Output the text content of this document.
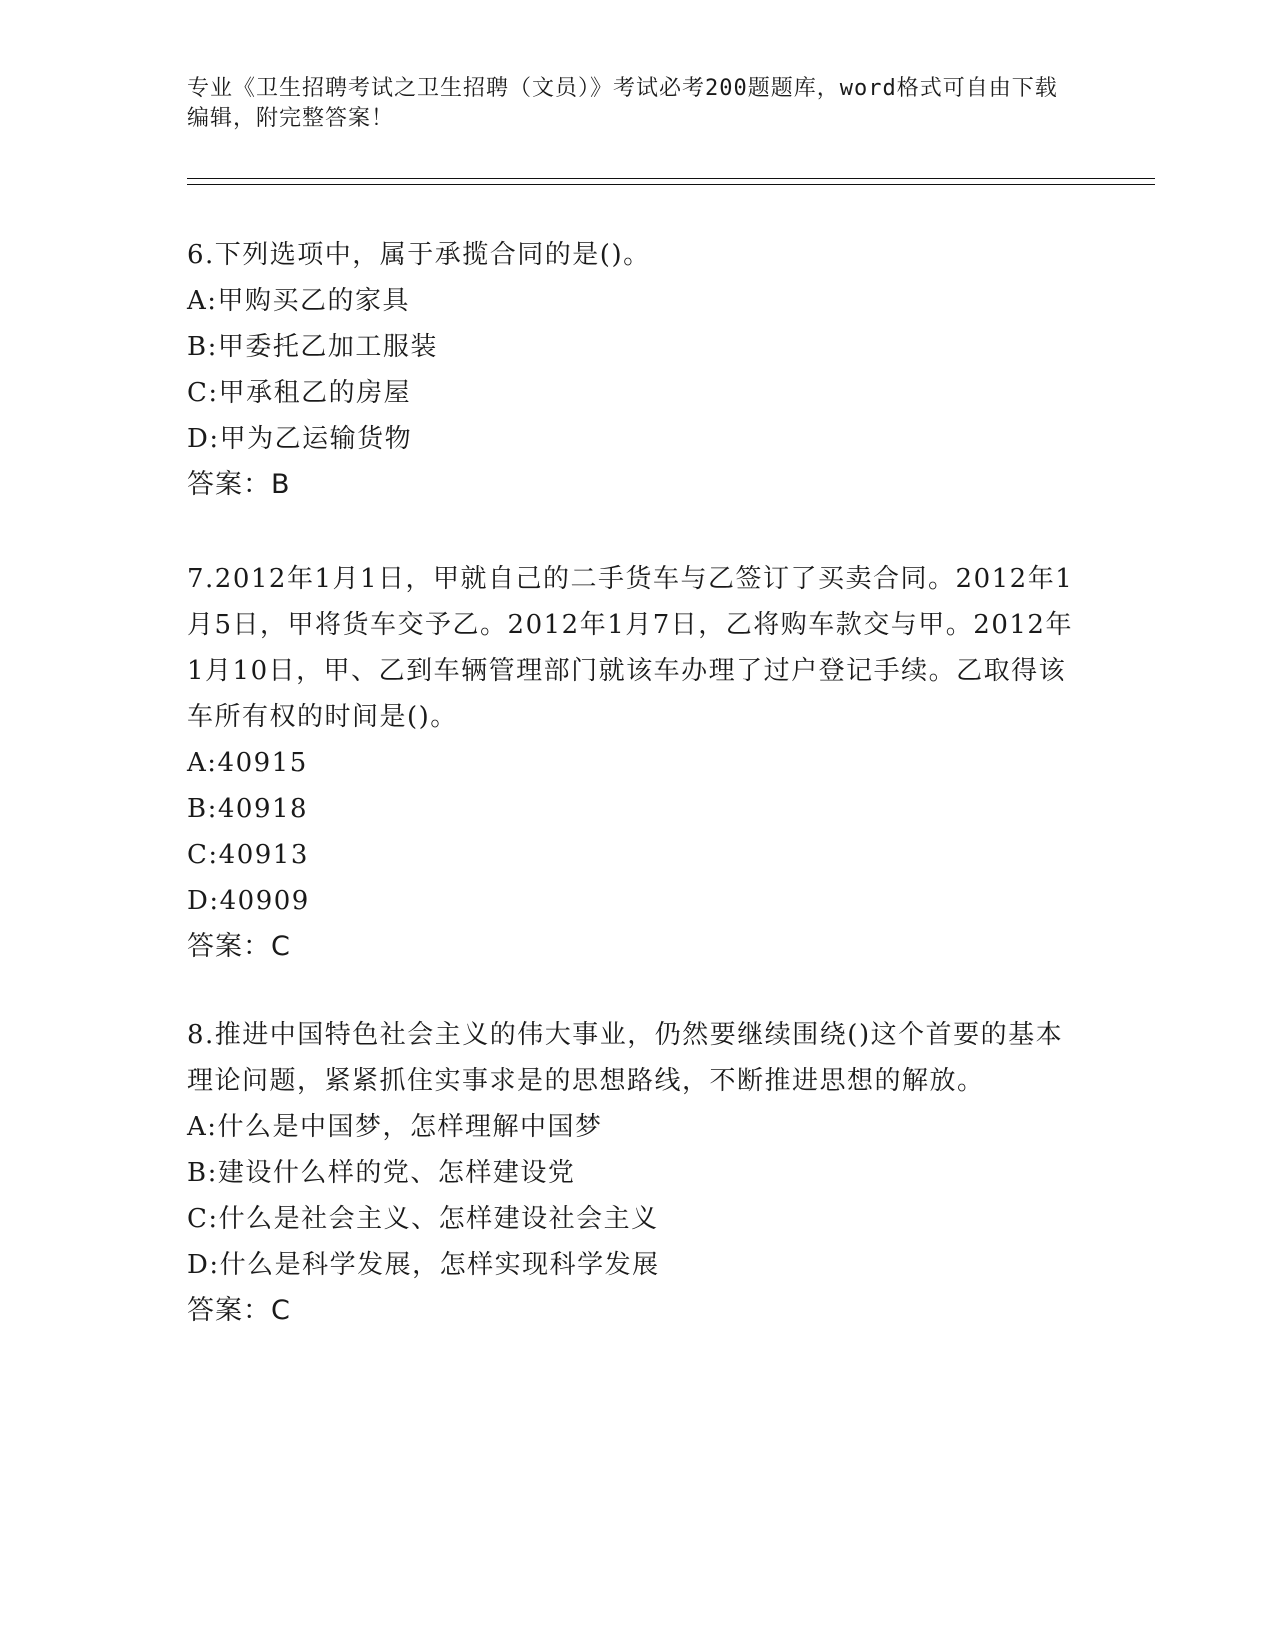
专业《卫生招聘考试之卫生招聘（文员）》考试必考200题题库，word格式可自由下载编辑，附完整答案！

6.下列选项中，属于承揽合同的是()。

A:甲购买乙的家具

B:甲委托乙加工服装

C:甲承租乙的房屋

D:甲为乙运输货物

答案：B

7.2012年1月1日，甲就自己的二手货车与乙签订了买卖合同。2012年1月5日，甲将货车交予乙。2012年1月7日，乙将购车款交与甲。2012年1月10日，甲、乙到车辆管理部门就该车办理了过户登记手续。乙取得该车所有权的时间是()。

A:40915

B:40918

C:40913

D:40909

答案：C

8.推进中国特色社会主义的伟大事业，仍然要继续围绕()这个首要的基本理论问题，紧紧抓住实事求是的思想路线，不断推进思想的解放。

A:什么是中国梦，怎样理解中国梦

B:建设什么样的党、怎样建设党

C:什么是社会主义、怎样建设社会主义

D:什么是科学发展，怎样实现科学发展

答案：C
